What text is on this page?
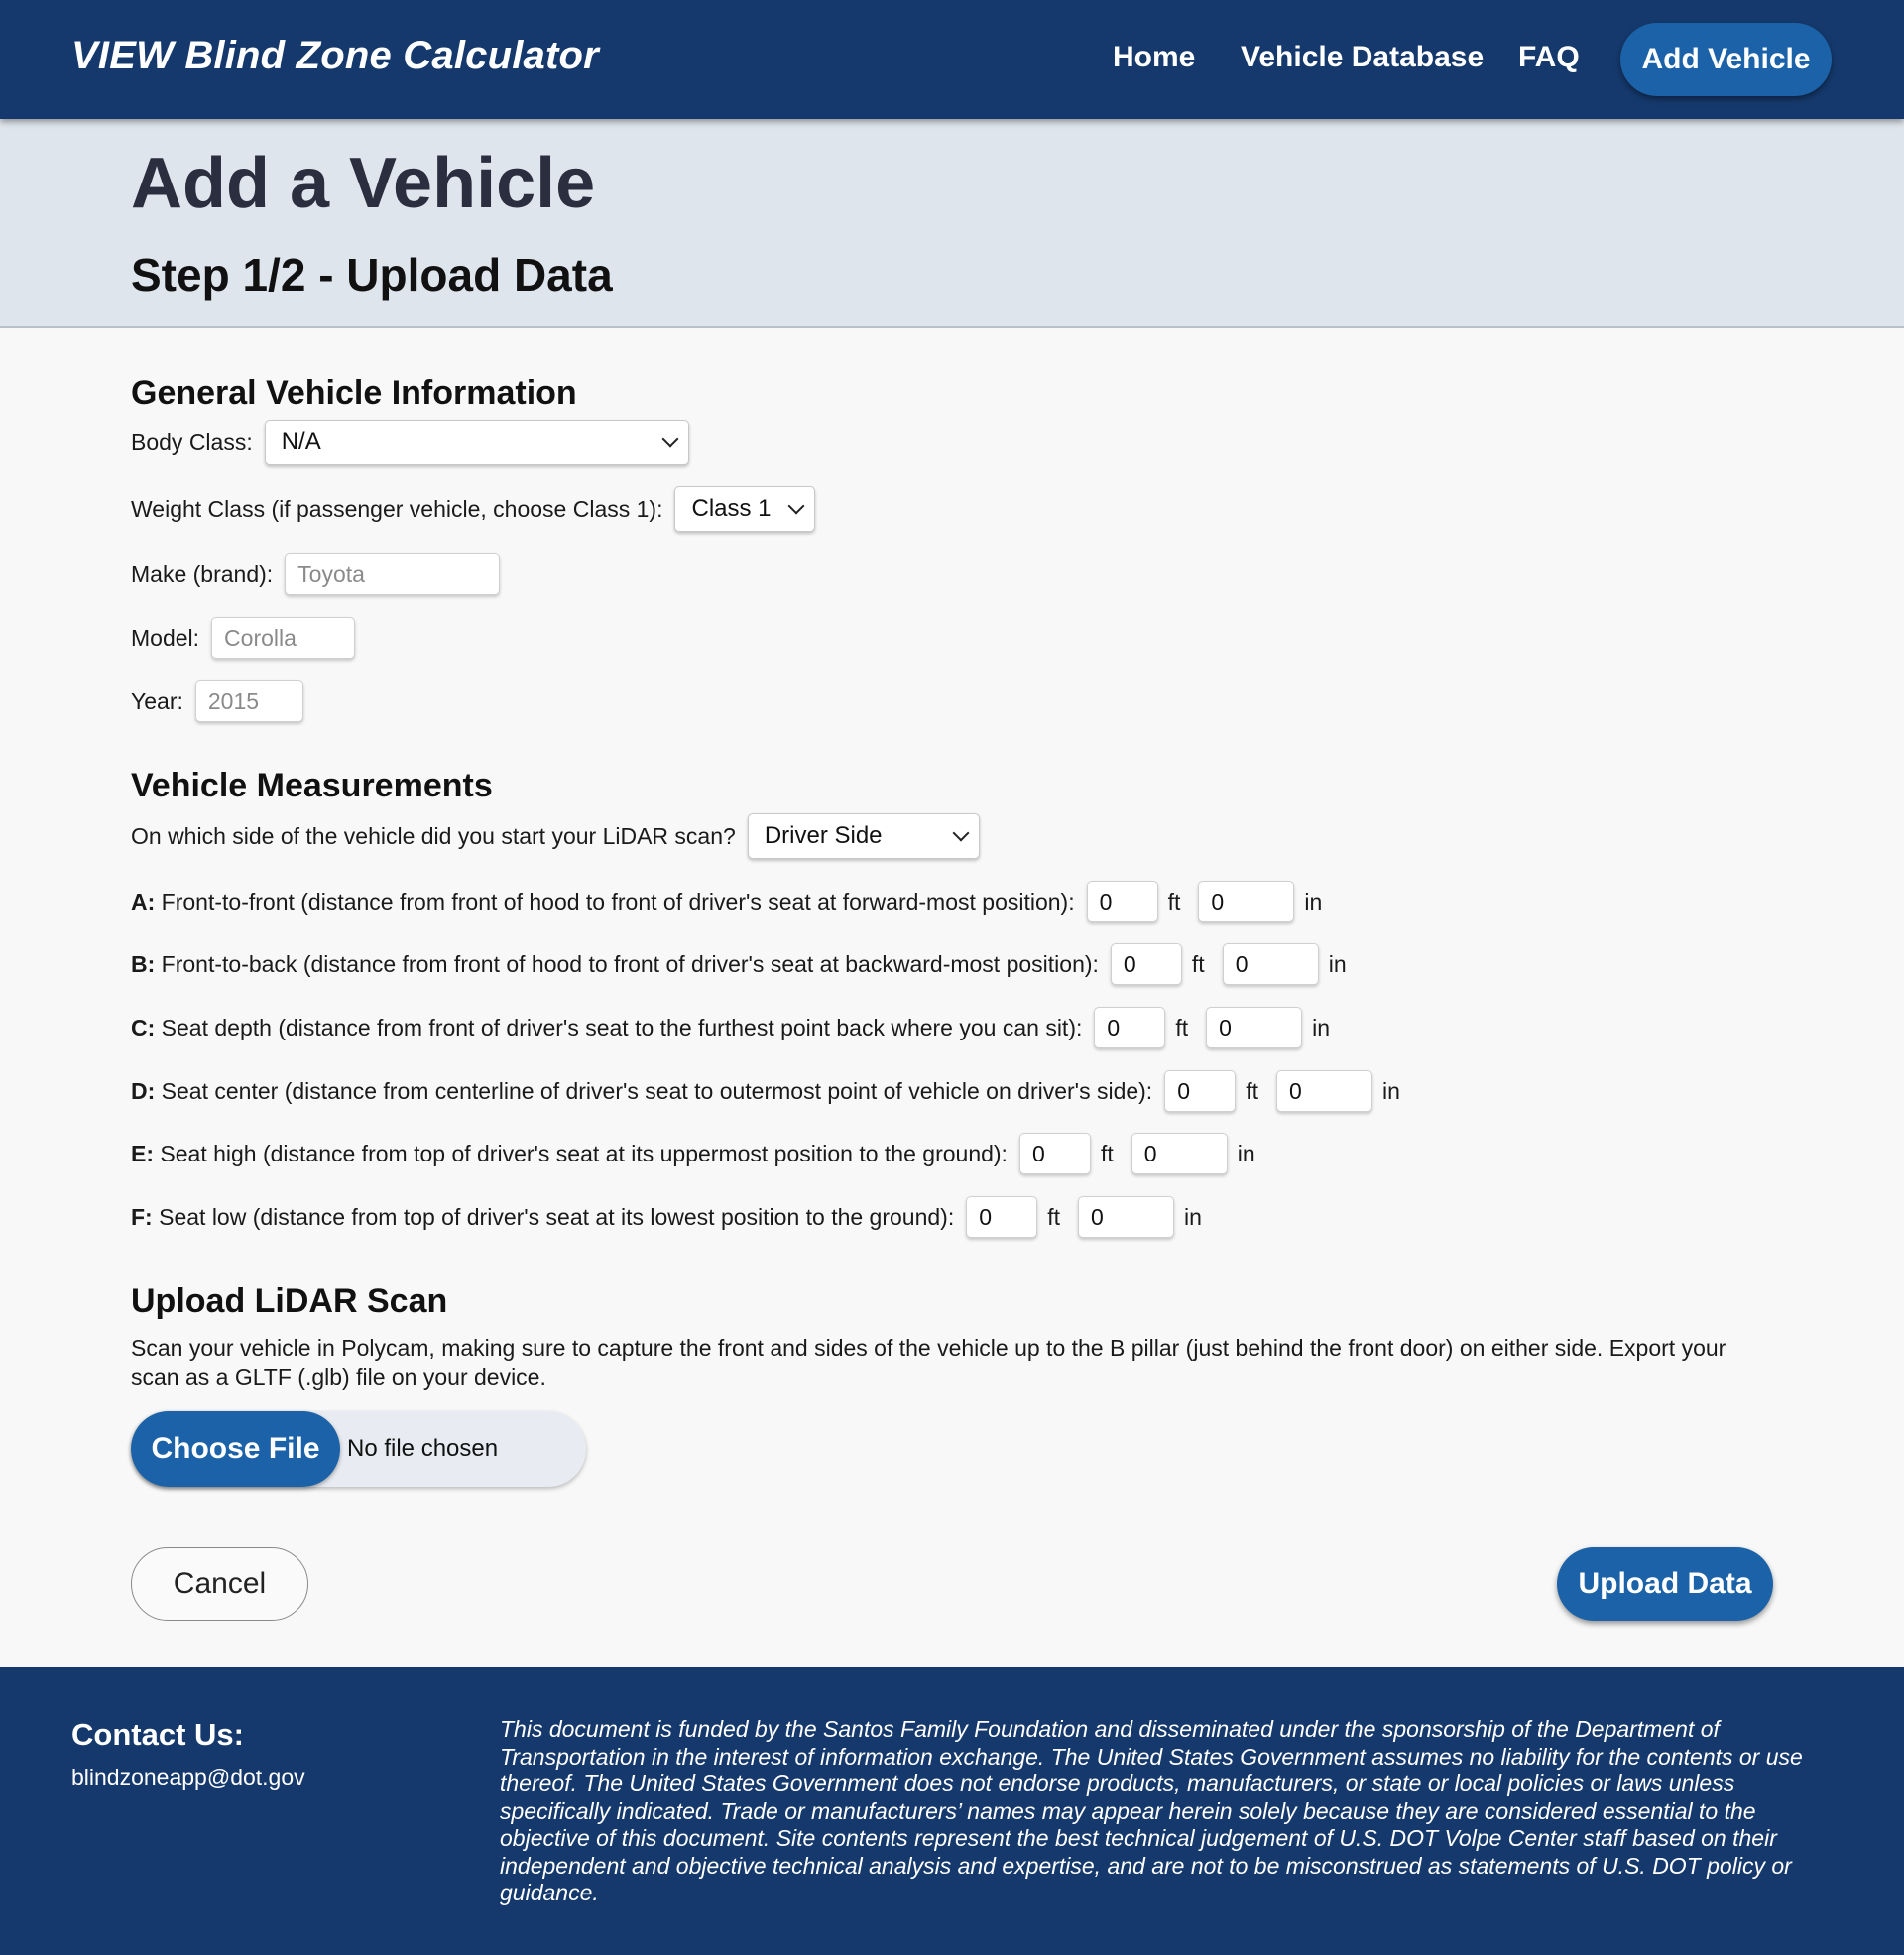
VIEW Blind Zone Calculator	Home Vehicle Database FAQ	Add Vehicle
Add a Vehicle
Step 1/2 - Upload Data
General Vehicle Information
Body Class: N/A
Weight Class (if passenger vehicle, choose Class 1): Class 1
Make (brand):	Toyota
Model:	Corolla
Year:	2015
Vehicle Measurements
On which side of the vehicle did you start your LiDAR scan? Driver Side
A:
Front-to-front (distance from front of hood to front of driver's seat at forward-most position):	0	ft	0	in
B:
Front-to-back (distance from front of hood to front of driver's seat at backward-most position):	0	ft	0	in
C:
Seat depth (distance from front of driver's seat to the furthest point back where you can sit):	0	ft	0	in
D:
Seat center (distance from centerline of driver's seat to outermost point of vehicle on driver's side):	0	ft	0	in
E:
Seat high (distance from top of driver's seat at its uppermost position to the ground):	0	ft	0	in
F:
Seat low (distance from top of driver's seat at its lowest position to the ground):	0	ft	0	in
Upload LiDAR Scan
Scan your vehicle in Polycam, making sure to capture the front and sides of the vehicle up to the B pillar (just behind the front door) on either side. Export your scan as a GLTF (.glb) file on your device.
Choose File	No file chosen
Cancel	Upload Data
Contact Us:
blindzoneapp@dot.gov
This document is funded by the Santos Family Foundation and disseminated under the sponsorship of the Department of Transportation in the interest of information exchange. The United States Government assumes no liability for the contents or use thereof. The United States Government does not endorse products, manufacturers, or state or local policies or laws unless specifically indicated. Trade or manufacturers’ names may appear herein solely because they are considered essential to the objective of this document. Site contents represent the best technical judgement of U.S. DOT Volpe Center staff based on their independent and objective technical analysis and expertise, and are not to be misconstrued as statements of U.S. DOT policy or guidance.
